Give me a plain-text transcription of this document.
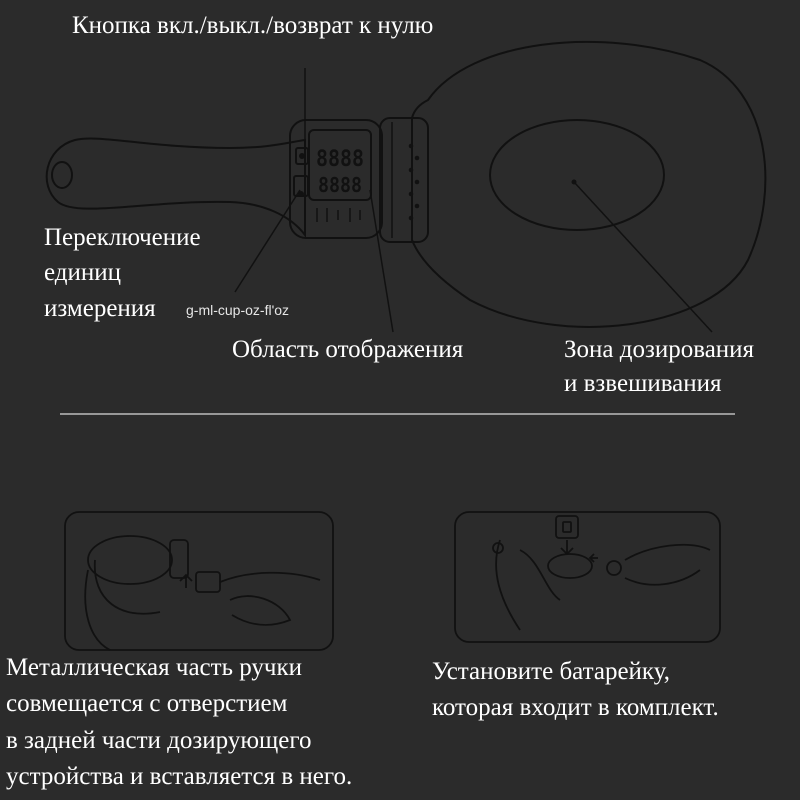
8888
8888
Кнопка вкл./выкл./возврат к нулю
Переключение
единиц
измерения g-ml-cup-oz-fl'oz
Область отображения	Зона дозирования
и взвешивания
Металлическая часть ручки
совмещается с отверстием
в задней части дозирующего
устройства и вставляется в него.
Установите батарейку,
которая входит в комплект.
